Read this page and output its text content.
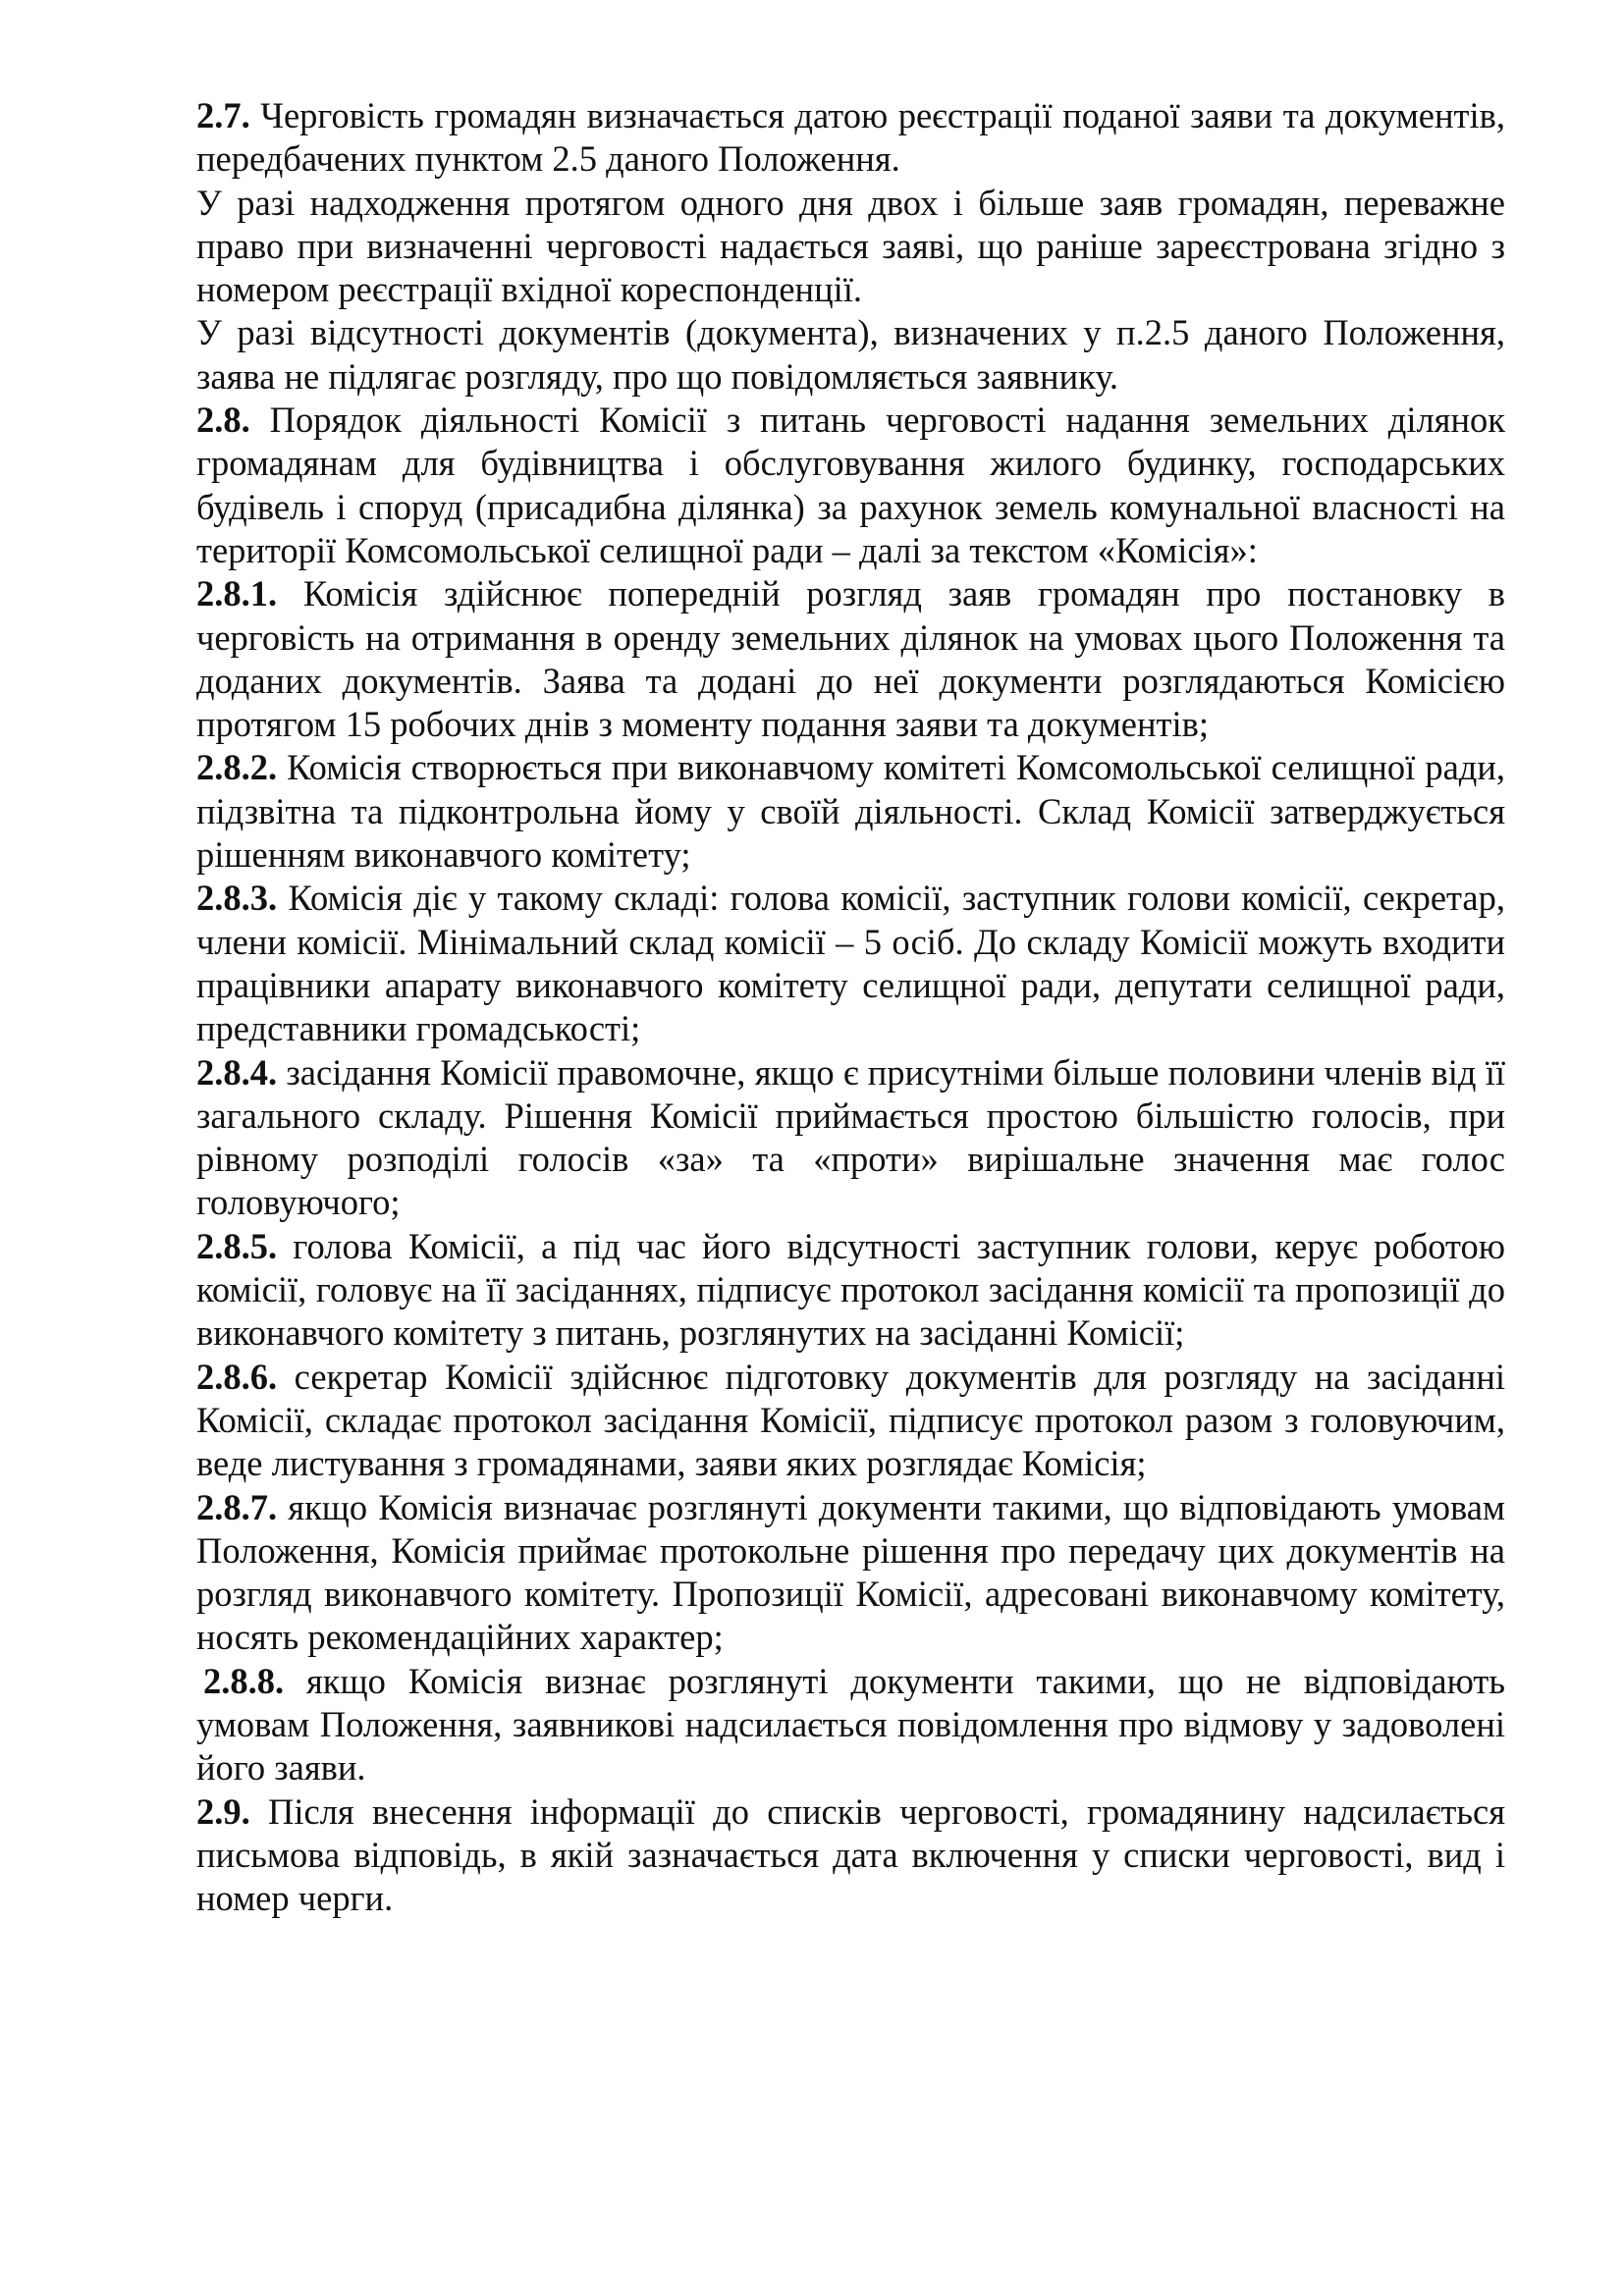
2.7. Черговість громадян визначається датою реєстрації поданої заяви та документів, передбачених пунктом 2.5 даного Положення.

У разі надходження протягом одного дня двох і більше заяв громадян, переважне право при визначенні черговості надається заяві, що раніше зареєстрована згідно з номером реєстрації вхідної кореспонденції.

У разі відсутності документів (документа), визначених у п.2.5 даного Положення, заява не підлягає розгляду, про що повідомляється заявнику.

2.8. Порядок діяльності Комісії з питань черговості надання земельних ділянок громадянам для будівництва і обслуговування жилого будинку, господарських будівель і споруд (присадибна ділянка) за рахунок земель комунальної власності на території Комсомольської селищної ради – далі за текстом «Комісія»:

2.8.1. Комісія здійснює попередній розгляд заяв громадян про постановку в черговість на отримання в оренду земельних ділянок на умовах цього Положення та доданих документів. Заява та додані до неї документи розглядаються Комісією протягом 15 робочих днів з моменту подання заяви та документів;

2.8.2. Комісія створюється при виконавчому комітеті Комсомольської селищної ради, підзвітна та підконтрольна йому у своїй діяльності. Склад Комісії затверджується рішенням виконавчого комітету;

2.8.3. Комісія діє у такому складі: голова комісії, заступник голови комісії, секретар, члени комісії. Мінімальний склад комісії – 5 осіб. До складу Комісії можуть входити працівники апарату виконавчого комітету селищної ради, депутати селищної ради, представники громадськості;

2.8.4. засідання Комісії правомочне, якщо є присутніми більше половини членів від її загального складу. Рішення Комісії приймається простою більшістю голосів, при рівному розподілі голосів «за» та «проти» вирішальне значення має голос головуючого;

2.8.5. голова Комісії, а під час його відсутності заступник голови, керує роботою комісії, головує на її засіданнях, підписує протокол засідання комісії та пропозиції до виконавчого комітету з питань, розглянутих на засіданні Комісії;

2.8.6. секретар Комісії здійснює підготовку документів для розгляду на засіданні Комісії, складає протокол засідання Комісії, підписує протокол разом з головуючим, веде листування з громадянами, заяви яких розглядає Комісія;

2.8.7. якщо Комісія визначає розглянуті документи такими, що відповідають умовам Положення, Комісія приймає протокольне рішення про передачу цих документів на розгляд виконавчого комітету. Пропозиції Комісії, адресовані виконавчому комітету, носять рекомендаційних характер;

2.8.8. якщо Комісія визнає розглянуті документи такими, що не відповідають умовам Положення, заявникові надсилається повідомлення про відмову у задоволені його заяви.

2.9. Після внесення інформації до списків черговості, громадянину надсилається письмова відповідь, в якій зазначається дата включення у списки черговості, вид і номер черги.
